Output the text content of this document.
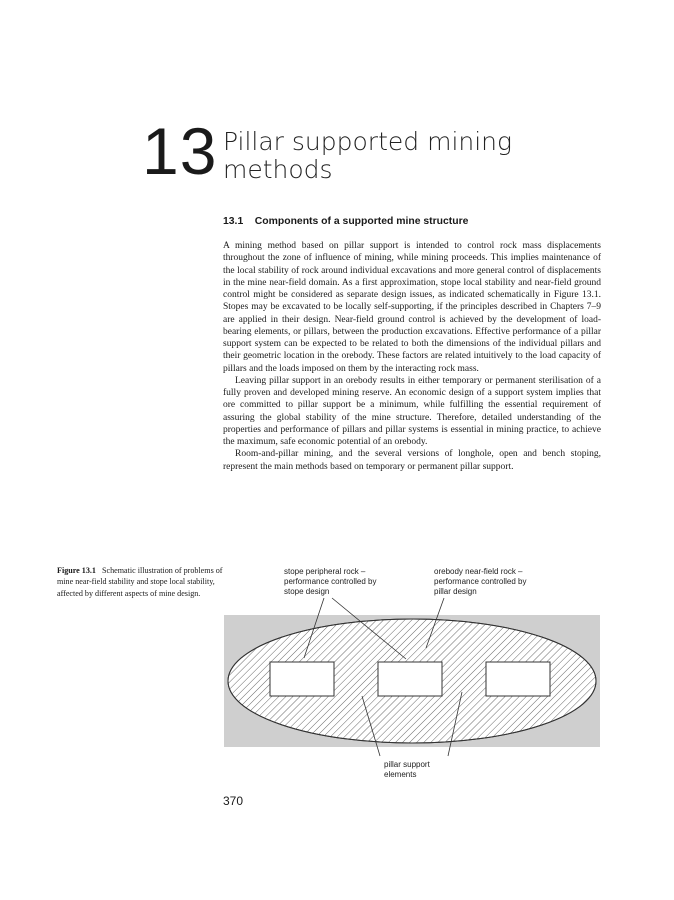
13 Pillar supported mining methods
13.1 Components of a supported mine structure

A mining method based on pillar support is intended to control rock mass displacements throughout the zone of influence of mining, while mining proceeds. This implies maintenance of the local stability of rock around individual excavations and more general control of displacements in the mine near-field domain. As a first approximation, stope local stability and near-field ground control might be considered as separate design issues, as indicated schematically in Figure 13.1. Stopes may be excavated to be locally self-supporting, if the principles described in Chapters 7–9 are applied in their design. Near-field ground control is achieved by the development of load-bearing elements, or pillars, between the production excavations. Effective performance of a pillar support system can be expected to be related to both the dimensions of the individual pillars and their geometric location in the orebody. These factors are related intuitively to the load capacity of pillars and the loads imposed on them by the interacting rock mass.

Leaving pillar support in an orebody results in either temporary or permanent sterilisation of a fully proven and developed mining reserve. An economic design of a support system implies that ore committed to pillar support be a minimum, while fulfilling the essential requirement of assuring the global stability of the mine structure. Therefore, detailed understanding of the properties and performance of pillars and pillar systems is essential in mining practice, to achieve the maximum, safe economic potential of an orebody.

Room-and-pillar mining, and the several versions of longhole, open and bench stoping, represent the main methods based on temporary or permanent pillar support.

Figure 13.1 Schematic illustration of problems of mine near-field stability and stope local stability, affected by different aspects of mine design.
stope peripheral rock –
performance controlled by
stope design
orebody near-field rock –
performance controlled by
pillar design
pillar support
elements
370
